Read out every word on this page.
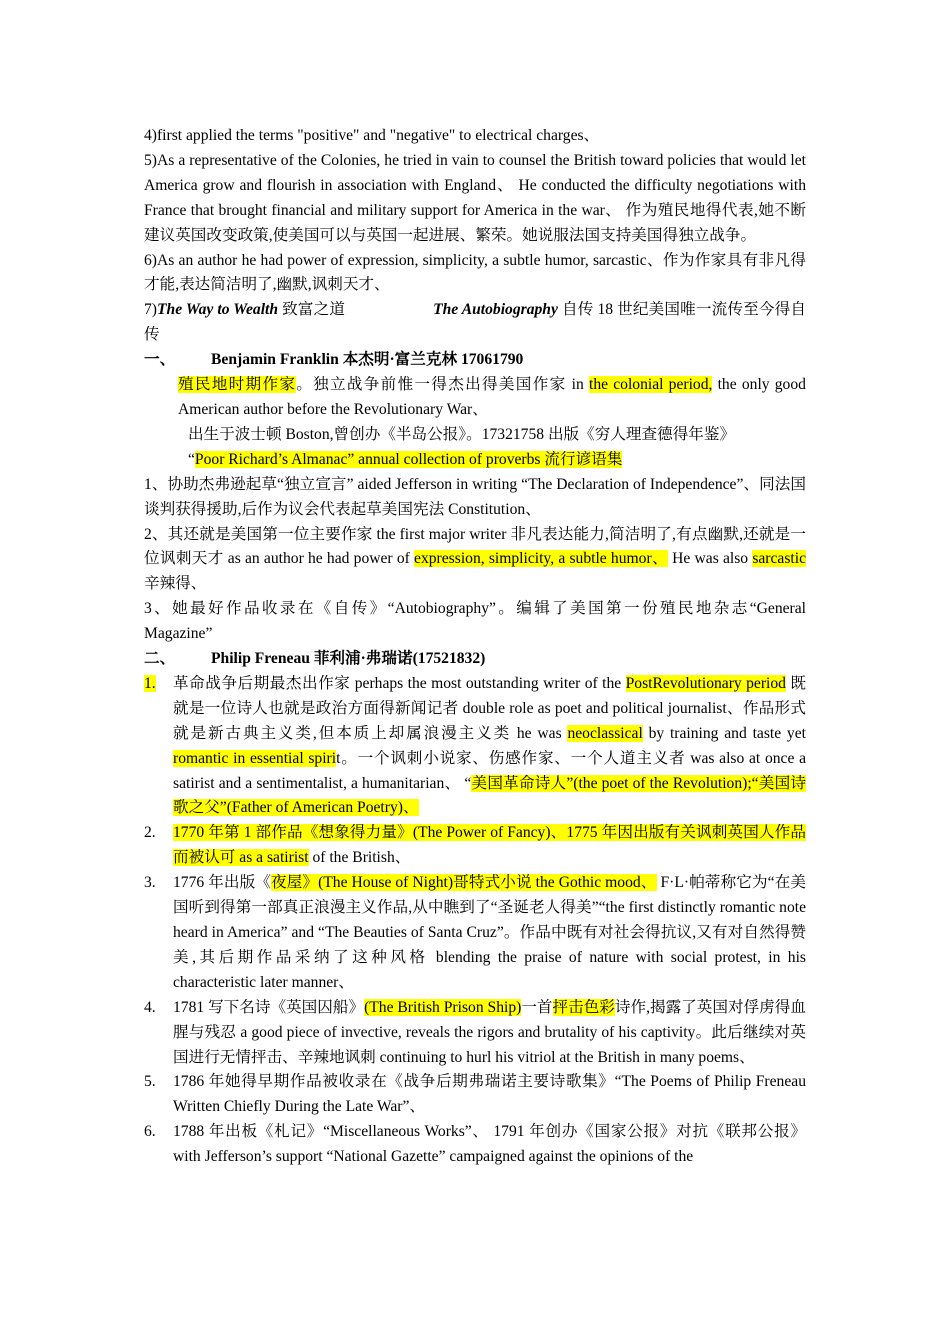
4)first applied the terms "positive" and "negative" to electrical charges、

5)As a representative of the Colonies, he tried in vain to counsel the British toward policies that would let America grow and flourish in association with England、 He conducted the difficulty negotiations with France that brought financial and military support for America in the war、 作为殖民地得代表,她不断建议英国改变政策,使美国可以与英国一起进展、繁荣。她说服法国支持美国得独立战争。

6)As an author he had power of expression, simplicity, a subtle humor, sarcastic、作为作家具有非凡得才能,表达简洁明了,幽默,讽刺天才、

7)The Way to Wealth 致富之道	The Autobiography 自传 18 世纪美国唯一流传至今得自传

一、	Benjamin Franklin 本杰明·富兰克林 17061790

殖民地时期作家。独立战争前惟一得杰出得美国作家 in the colonial period, the only good American author before the Revolutionary War、

出生于波士顿 Boston,曾创办《半岛公报》。17321758 出版《穷人理查德得年鉴》
“Poor Richard’s Almanac” annual collection of proverbs 流行谚语集

1、协助杰弗逊起草“独立宣言” aided Jefferson in writing “The Declaration of Independence”、同法国谈判获得援助,后作为议会代表起草美国宪法 Constitution、

2、其还就是美国第一位主要作家 the first major writer 非凡表达能力,简洁明了,有点幽默,还就是一位讽刺天才 as an author he had power of expression, simplicity, a subtle humor、 He was also sarcastic 辛辣得、

3、她最好作品收录在《自传》“Autobiography”。编辑了美国第一份殖民地杂志“General Magazine”

二、	Philip Freneau 菲利浦·弗瑞诺(17521832)
1.	革命战争后期最杰出作家 perhaps the most outstanding writer of the PostRevolutionary period 既就是一位诗人也就是政治方面得新闻记者 double role as poet and political journalist、作品形式就是新古典主义类,但本质上却属浪漫主义类 he was neoclassical by training and taste yet romantic in essential spirit。一个讽刺小说家、伤感作家、一个人道主义者 was also at once a satirist and a sentimentalist, a humanitarian、 “美国革命诗人”(the poet of the Revolution);“美国诗歌之父”(Father of American Poetry)、
2.	1770 年第 1 部作品《想象得力量》(The Power of Fancy)、1775 年因出版有关讽刺英国人作品而被认可 as a satirist of the British、
3.	1776 年出版《夜屋》(The House of Night)哥特式小说 the Gothic mood、 F·L·帕蒂称它为“在美国听到得第一部真正浪漫主义作品,从中瞧到了“圣诞老人得美”“the first distinctly romantic note heard in America” and “The Beauties of Santa Cruz”。作品中既有对社会得抗议,又有对自然得赞美,其后期作品采纳了这种风格 blending the praise of nature with social protest, in his characteristic later manner、
4.	1781 写下名诗《英国囚船》(The British Prison Ship)一首抨击色彩诗作,揭露了英国对俘虏得血腥与残忍 a good piece of invective, reveals the rigors and brutality of his captivity。此后继续对英国进行无情抨击、辛辣地讽刺 continuing to hurl his vitriol at the British in many poems、
5.	1786 年她得早期作品被收录在《战争后期弗瑞诺主要诗歌集》“The Poems of Philip Freneau Written Chiefly During the Late War”、
6.	1788 年出板《札记》“Miscellaneous Works”、 1791 年创办《国家公报》对抗《联邦公报》 with Jefferson’s support “National Gazette” campaigned against the opinions of the
